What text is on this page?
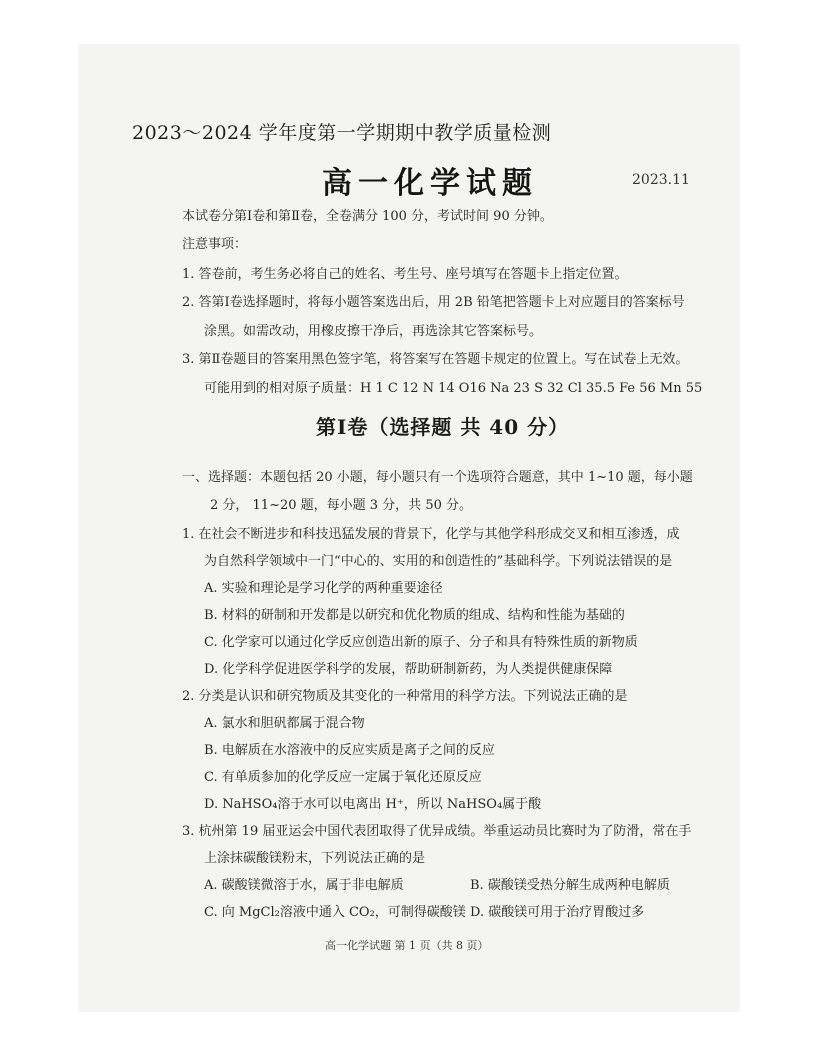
2023～2024 学年度第一学期期中教学质量检测
高一化学试题	2023.11
本试卷分第Ⅰ卷和第Ⅱ卷，全卷满分 100 分，考试时间 90 分钟。
注意事项：
1. 答卷前，考生务必将自己的姓名、考生号、座号填写在答题卡上指定位置。
2. 答第Ⅰ卷选择题时，将每小题答案选出后，用 2B 铅笔把答题卡上对应题目的答案标号
涂黑。如需改动，用橡皮擦干净后，再选涂其它答案标号。
3. 第Ⅱ卷题目的答案用黑色签字笔，将答案写在答题卡规定的位置上。写在试卷上无效。
可能用到的相对原子质量：H 1 C 12 N 14 O16 Na 23 S 32 Cl 35.5 Fe 56 Mn 55
第Ⅰ卷（选择题 共 40 分）
一、选择题：本题包括 20 小题，每小题只有一个选项符合题意，其中 1~10 题，每小题
2 分， 11~20 题，每小题 3 分，共 50 分。
1. 在社会不断进步和科技迅猛发展的背景下，化学与其他学科形成交叉和相互渗透，成
为自然科学领域中一门“中心的、实用的和创造性的”基础科学。下列说法错误的是
A. 实验和理论是学习化学的两种重要途径
B. 材料的研制和开发都是以研究和优化物质的组成、结构和性能为基础的
C. 化学家可以通过化学反应创造出新的原子、分子和具有特殊性质的新物质
D. 化学科学促进医学科学的发展，帮助研制新药，为人类提供健康保障
2. 分类是认识和研究物质及其变化的一种常用的科学方法。下列说法正确的是
A. 氯水和胆矾都属于混合物
B. 电解质在水溶液中的反应实质是离子之间的反应
C. 有单质参加的化学反应一定属于氧化还原反应
D. NaHSO₄溶于水可以电离出 H⁺，所以 NaHSO₄属于酸
3. 杭州第 19 届亚运会中国代表团取得了优异成绩。举重运动员比赛时为了防滑，常在手
上涂抹碳酸镁粉末，下列说法正确的是
A. 碳酸镁微溶于水，属于非电解质	B. 碳酸镁受热分解生成两种电解质
C. 向 MgCl₂溶液中通入 CO₂，可制得碳酸镁 D. 碳酸镁可用于治疗胃酸过多
高一化学试题 第 1 页（共 8 页）
